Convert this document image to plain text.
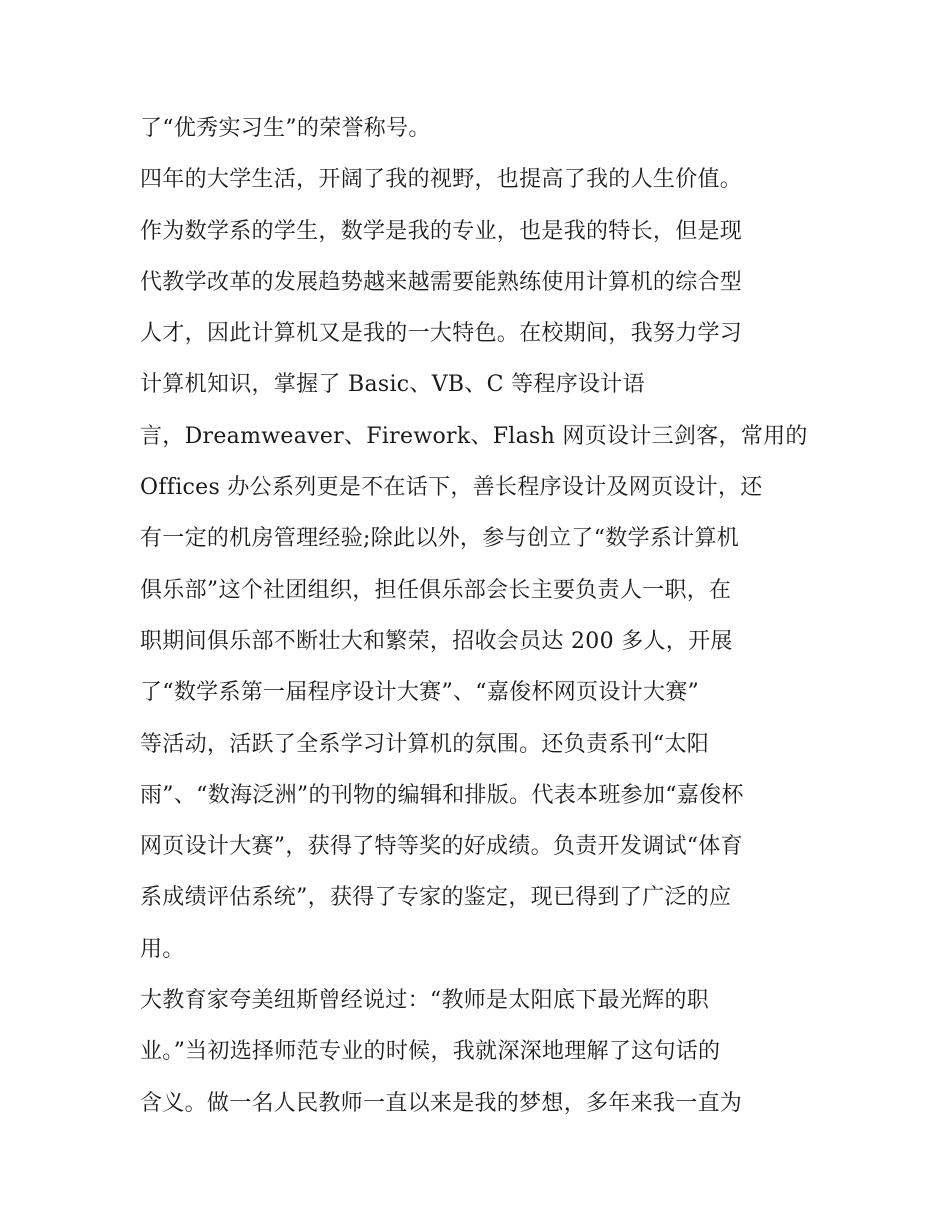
了“优秀实习生”的荣誉称号。
四年的大学生活，开阔了我的视野，也提高了我的人生价值。
作为数学系的学生，数学是我的专业，也是我的特长，但是现
代教学改革的发展趋势越来越需要能熟练使用计算机的综合型
人才，因此计算机又是我的一大特色。在校期间，我努力学习
计算机知识，掌握了 Basic、VB、C 等程序设计语
言，Dreamweaver、Firework、Flash 网页设计三剑客，常用的
Offices 办公系列更是不在话下，善长程序设计及网页设计，还
有一定的机房管理经验;除此以外，参与创立了“数学系计算机
俱乐部”这个社团组织，担任俱乐部会长主要负责人一职，在
职期间俱乐部不断壮大和繁荣，招收会员达 200 多人，开展
了“数学系第一届程序设计大赛”、“嘉俊杯网页设计大赛”
等活动，活跃了全系学习计算机的氛围。还负责系刊“太阳
雨”、“数海泛洲”的刊物的编辑和排版。代表本班参加“嘉俊杯
网页设计大赛”，获得了特等奖的好成绩。负责开发调试“体育
系成绩评估系统”，获得了专家的鉴定，现已得到了广泛的应
用。
大教育家夸美纽斯曾经说过：“教师是太阳底下最光辉的职
业。”当初选择师范专业的时候，我就深深地理解了这句话的
含义。做一名人民教师一直以来是我的梦想，多年来我一直为
